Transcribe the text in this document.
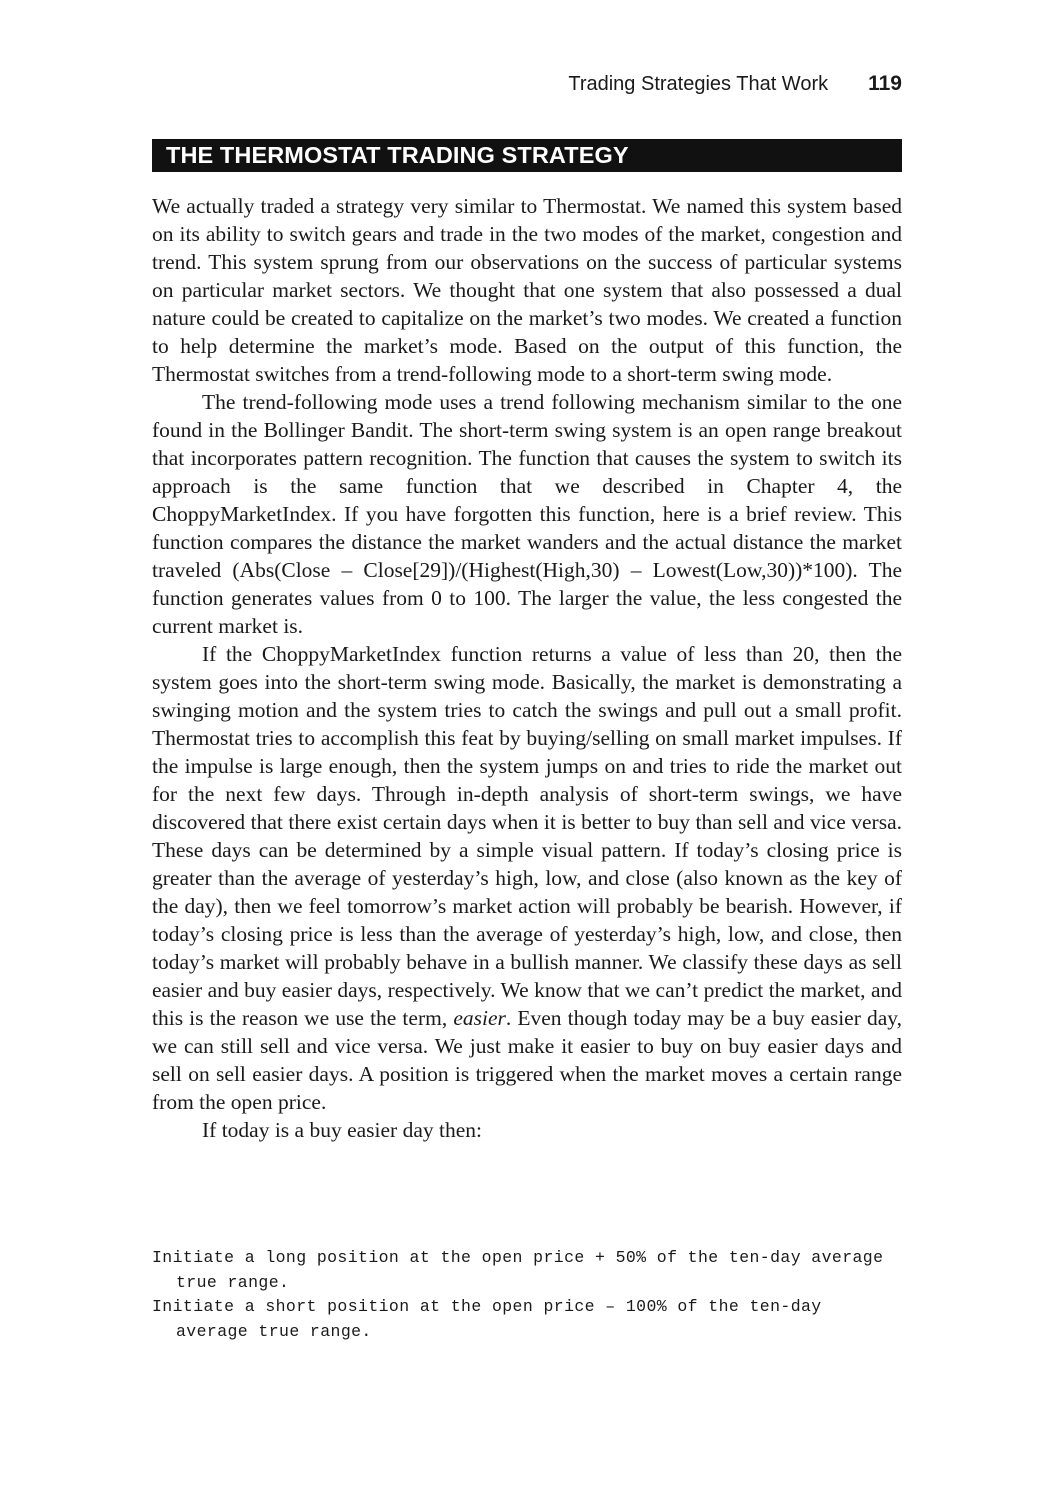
Trading Strategies That Work 119
THE THERMOSTAT TRADING STRATEGY

We actually traded a strategy very similar to Thermostat. We named this system based on its ability to switch gears and trade in the two modes of the market, congestion and trend. This system sprung from our observations on the success of particular systems on particular market sectors. We thought that one system that also possessed a dual nature could be created to capitalize on the market’s two modes. We created a function to help determine the market’s mode. Based on the output of this function, the Thermostat switches from a trend-following mode to a short-term swing mode.

The trend-following mode uses a trend following mechanism similar to the one found in the Bollinger Bandit. The short-term swing system is an open range breakout that incorporates pattern recognition. The function that causes the system to switch its approach is the same function that we described in Chapter 4, the ChoppyMarketIndex. If you have forgotten this function, here is a brief review. This function compares the distance the market wanders and the actual distance the market traveled (Abs(Close – Close[29])/(Highest(High,30) – Lowest(Low,30))*100). The function generates values from 0 to 100. The larger the value, the less congested the current market is.

If the ChoppyMarketIndex function returns a value of less than 20, then the system goes into the short-term swing mode. Basically, the market is demonstrating a swinging motion and the system tries to catch the swings and pull out a small profit. Thermostat tries to accomplish this feat by buying/selling on small market impulses. If the impulse is large enough, then the system jumps on and tries to ride the market out for the next few days. Through in-depth analysis of short-term swings, we have discovered that there exist certain days when it is better to buy than sell and vice versa. These days can be determined by a simple visual pattern. If today’s closing price is greater than the average of yesterday’s high, low, and close (also known as the key of the day), then we feel tomorrow’s market action will probably be bearish. However, if today’s closing price is less than the average of yesterday’s high, low, and close, then today’s market will probably behave in a bullish manner. We classify these days as sell easier and buy easier days, respectively. We know that we can’t predict the market, and this is the reason we use the term, easier. Even though today may be a buy easier day, we can still sell and vice versa. We just make it easier to buy on buy easier days and sell on sell easier days. A position is triggered when the market moves a certain range from the open price.

If today is a buy easier day then:

Initiate a long position at the open price + 50% of the ten-day average true range.
Initiate a short position at the open price – 100% of the ten-day average true range.
